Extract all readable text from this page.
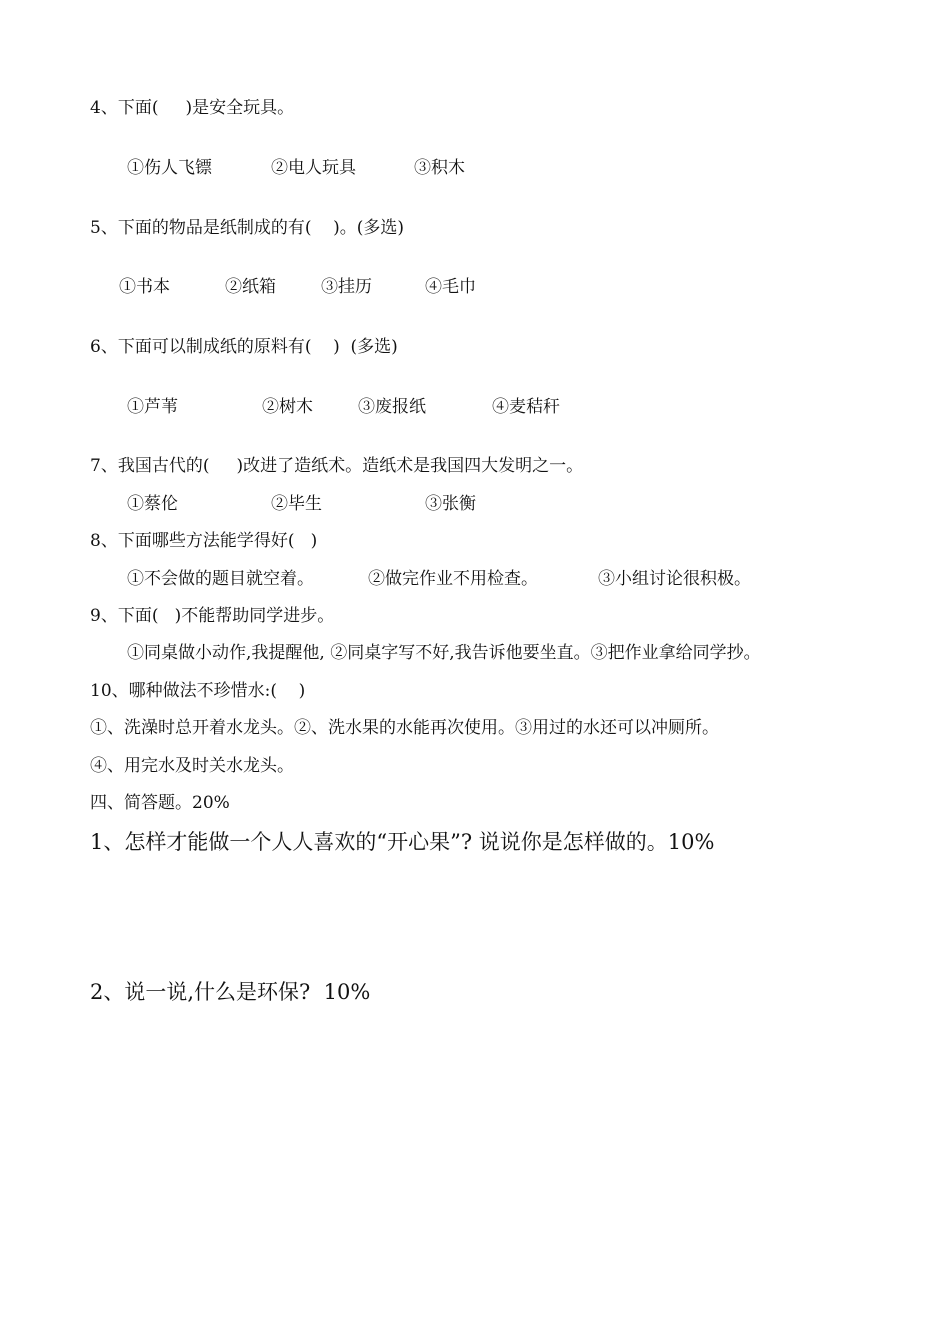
4、下面(     )是安全玩具。
①伤人飞镖	②电人玩具	③积木
5、下面的物品是纸制成的有(    )。(多选)
①书本	②纸箱	③挂历	④毛巾
6、下面可以制成纸的原料有(    )  (多选)
①芦苇	②树木	③废报纸	④麦秸秆
7、我国古代的(     )改进了造纸术。造纸术是我国四大发明之一。
①蔡伦	②毕生	③张衡
8、下面哪些方法能学得好(   )
①不会做的题目就空着。	②做完作业不用检查。	③小组讨论很积极。
9、下面(   )不能帮助同学进步。
①同桌做小动作,我提醒他, ②同桌字写不好,我告诉他要坐直。③把作业拿给同学抄。
10、哪种做法不珍惜水:(    )
①、洗澡时总开着水龙头。②、洗水果的水能再次使用。③用过的水还可以冲厕所。
④、用完水及时关水龙头。
四、简答题。20%
1、怎样才能做一个人人喜欢的“开心果”? 说说你是怎样做的。10%
2、说一说,什么是环保?  10%
